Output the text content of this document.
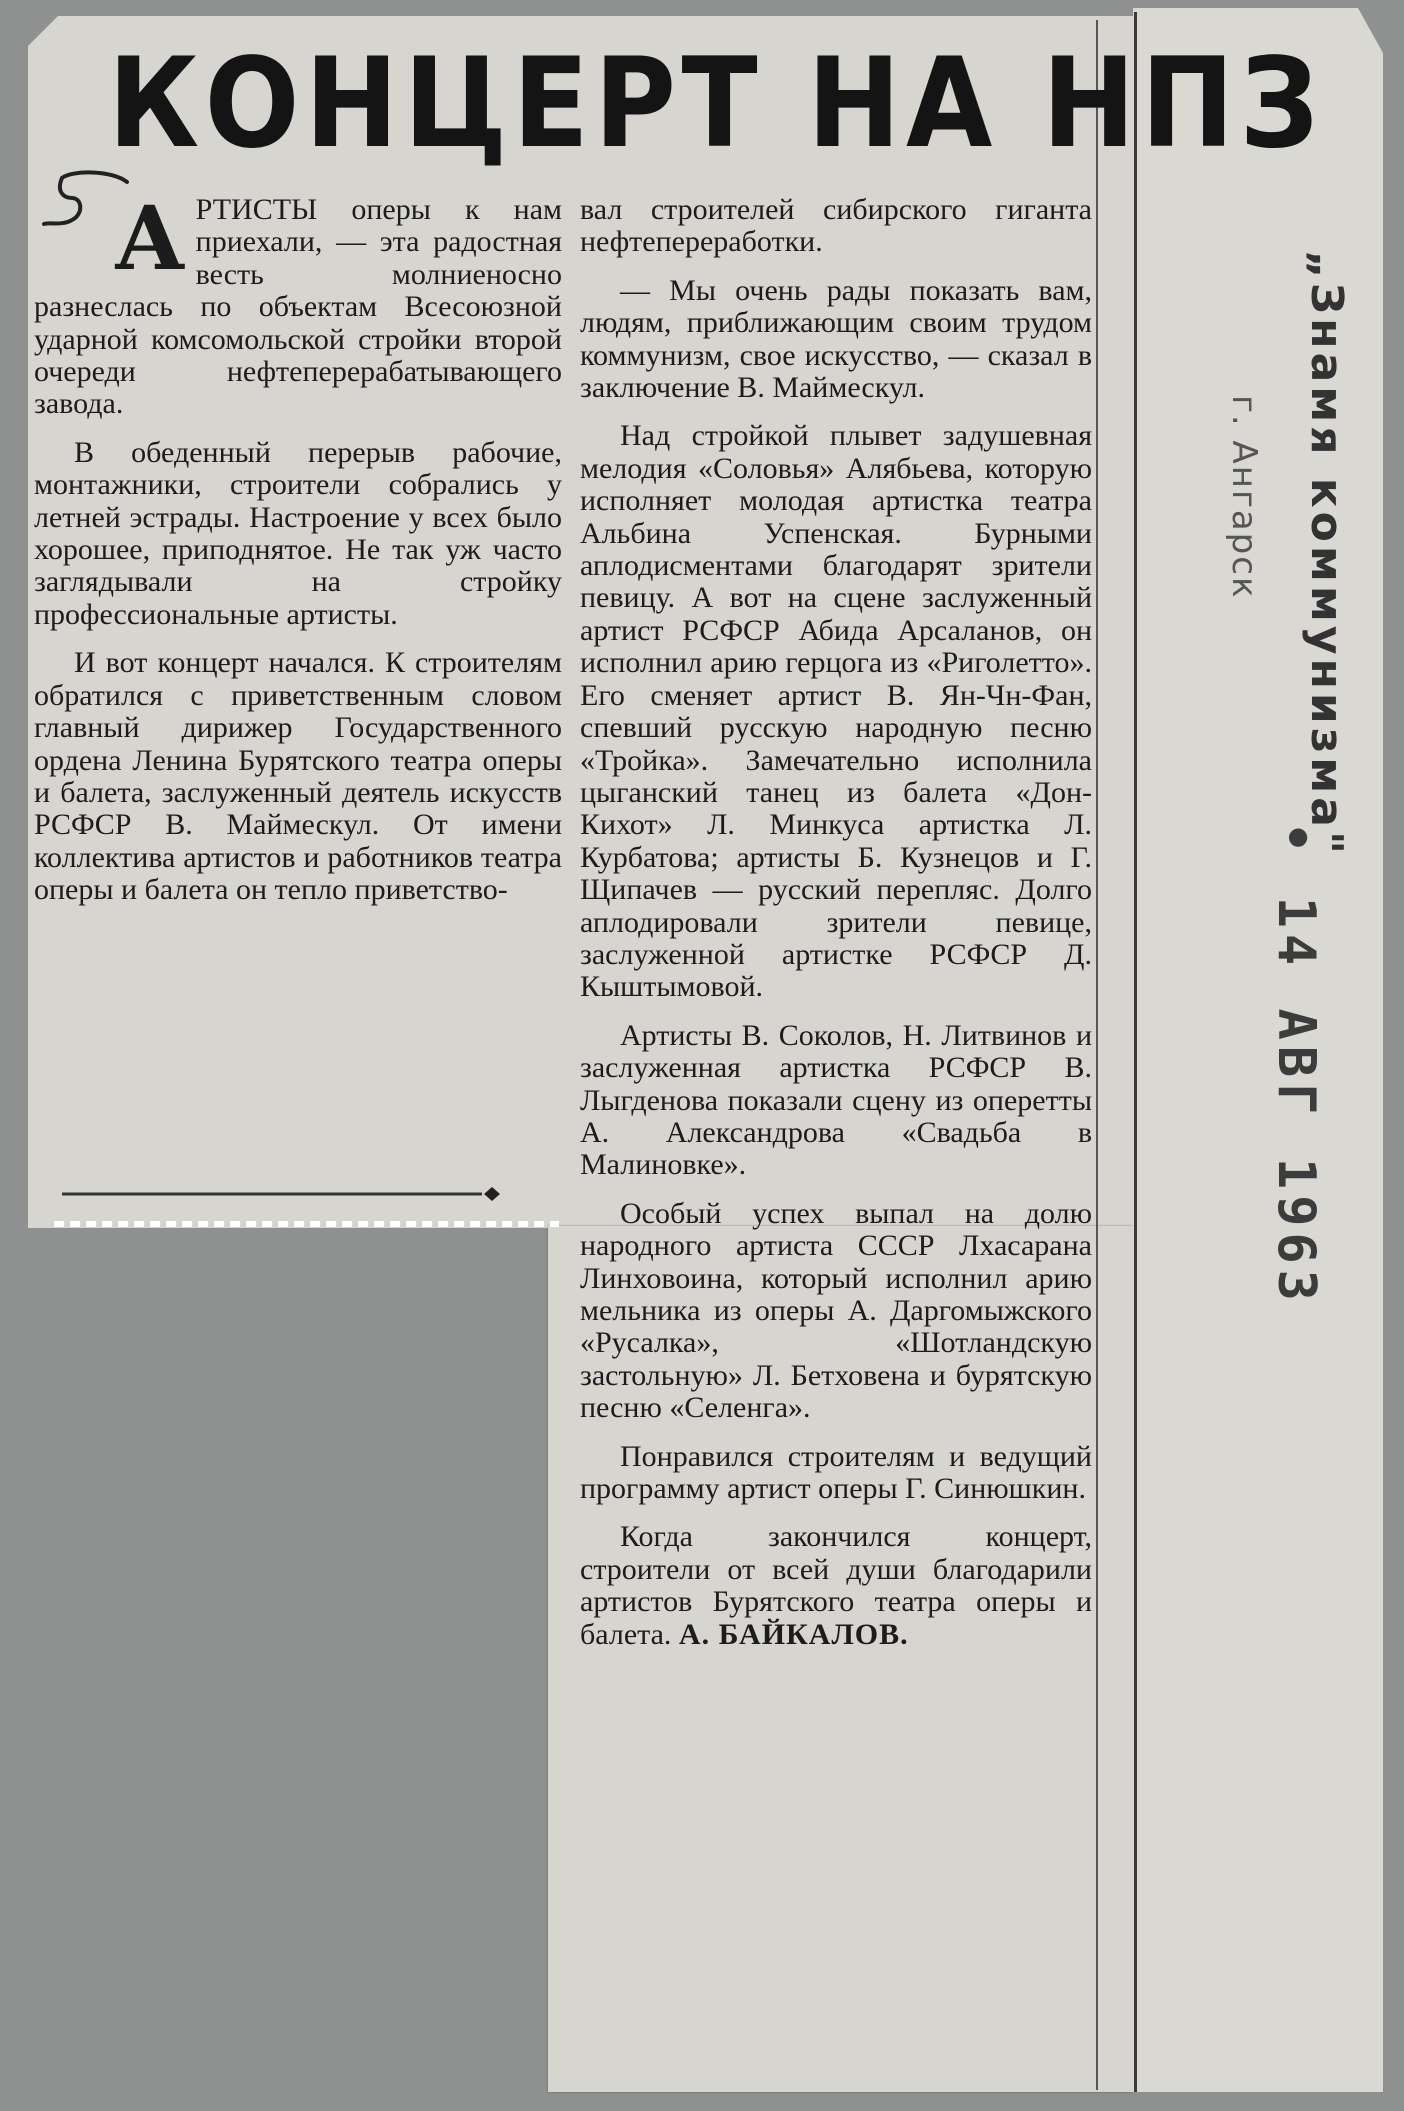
КОНЦЕРТ НА НПЗ

АРТИСТЫ оперы к нам приехали, — эта радостная весть молниеносно разнеслась по объектам Всесоюзной ударной комсомольской стройки второй очереди нефтеперерабатывающего завода.

В обеденный перерыв рабочие, монтажники, строители собрались у летней эстрады. Настроение у всех было хорошее, приподнятое. Не так уж часто заглядывали на стройку профессиональные артисты.

И вот концерт начался. К строителям обратился с приветственным словом главный дирижер Государственного ордена Ленина Бурятского театра оперы и балета, заслуженный деятель искусств РСФСР В. Маймескул. От имени коллектива артистов и работников театра оперы и балета он тепло приветство-

вал строителей сибирского гиганта нефтепереработки.

— Мы очень рады показать вам, людям, приближающим своим трудом коммунизм, свое искусство, — сказал в заключение В. Маймескул.

Над стройкой плывет задушевная мелодия «Соловья» Алябьева, которую исполняет молодая артистка театра Альбина Успенская. Бурными аплодисментами благодарят зрители певицу. А вот на сцене заслуженный артист РСФСР Абида Арсаланов, он исполнил арию герцога из «Риголетто». Его сменяет артист В. Ян-Чн-Фан, спевший русскую народную песню «Тройка». Замечательно исполнила цыганский танец из балета «Дон-Кихот» Л. Минкуса артистка Л. Курбатова; артисты Б. Кузнецов и Г. Щипачев — русский перепляс. Долго аплодировали зрители певице, заслуженной артистке РСФСР Д. Кыштымовой.

Артисты В. Соколов, Н. Литвинов и заслуженная артистка РСФСР В. Лыгденова показали сцену из оперетты А. Александрова «Свадьба в Малиновке».

Особый успех выпал на долю народного артиста СССР Лхасарана Линховоина, который исполнил арию мельника из оперы А. Даргомыжского «Русалка», «Шотландскую застольную» Л. Бетховена и бурятскую песню «Селенга».

Понравился строителям и ведущий программу артист оперы Г. Синюшкин.

Когда закончился концерт, строители от всей души благодарили артистов Бурятского театра оперы и балета. А. БАЙКАЛОВ.

„Знамя коммунизма"
г. Ангарск
• 14 АВГ 1963
